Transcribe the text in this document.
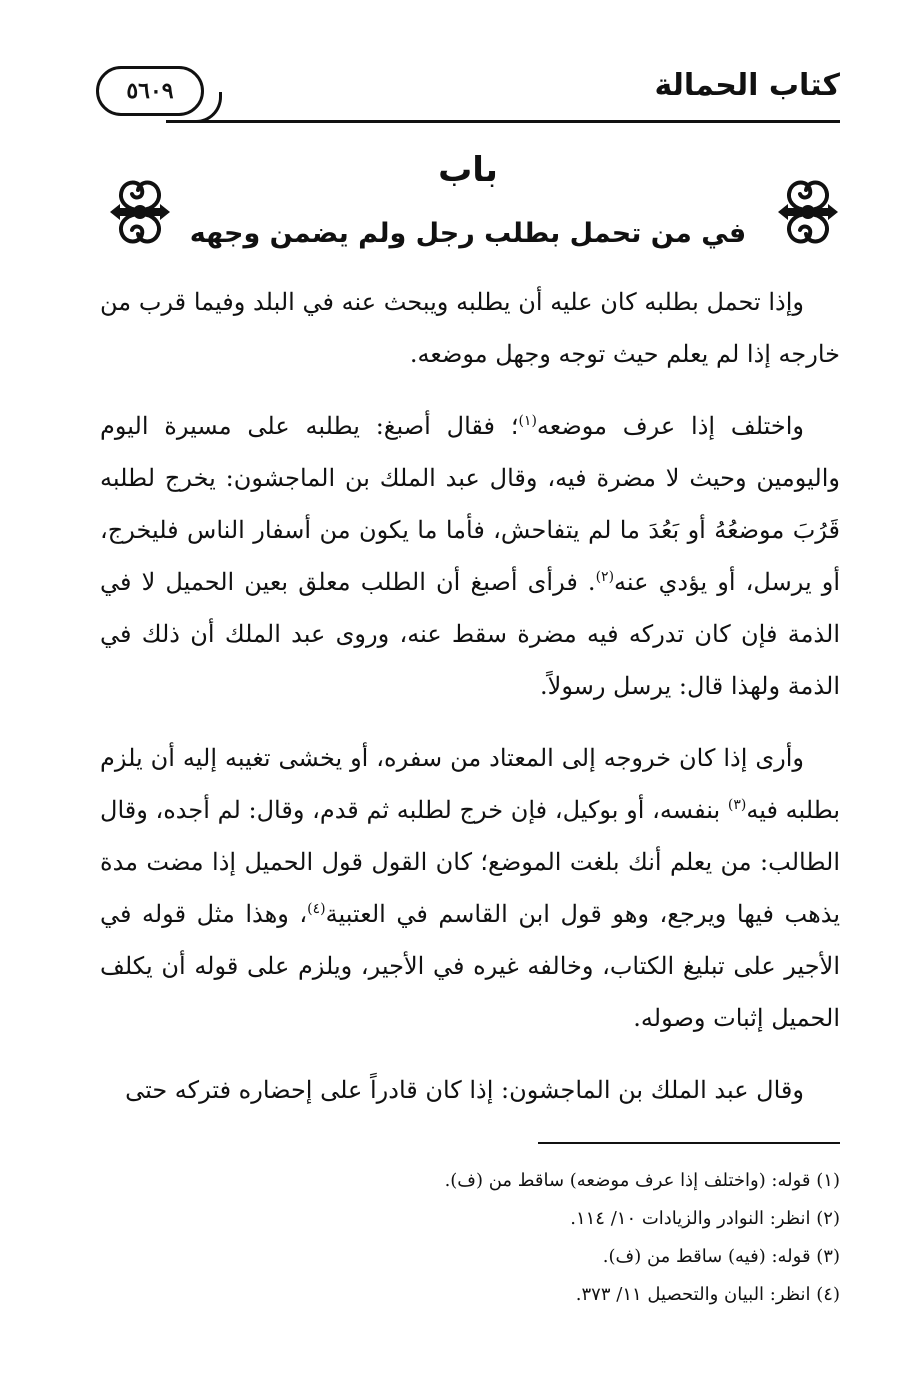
كتاب الحمالة
٥٦٠٩
باب
في من تحمل بطلب رجل ولم يضمن وجهه

وإذا تحمل بطلبه كان عليه أن يطلبه ويبحث عنه في البلد وفيما قرب من خارجه إذا لم يعلم حيث توجه وجهل موضعه.

واختلف إذا عرف موضعه$^{(١)}$؛ فقال أصبغ: يطلبه على مسيرة اليوم واليومين وحيث لا مضرة فيه، وقال عبد الملك بن الماجشون: يخرج لطلبه قَرُبَ موضعُهُ أو بَعُدَ ما لم يتفاحش، فأما ما يكون من أسفار الناس فليخرج، أو يرسل، أو يؤدي عنه$^{(٢)}$. فرأى أصبغ أن الطلب معلق بعين الحميل لا في الذمة فإن كان تدركه فيه مضرة سقط عنه، وروى عبد الملك أن ذلك في الذمة ولهذا قال: يرسل رسولاً.

وأرى إذا كان خروجه إلى المعتاد من سفره، أو يخشى تغيبه إليه أن يلزم بطلبه فيه$^{(٣)}$ بنفسه، أو بوكيل، فإن خرج لطلبه ثم قدم، وقال: لم أجده، وقال الطالب: من يعلم أنك بلغت الموضع؛ كان القول قول الحميل إذا مضت مدة يذهب فيها ويرجع، وهو قول ابن القاسم في العتبية$^{(٤)}$، وهذا مثل قوله في الأجير على تبليغ الكتاب، وخالفه غيره في الأجير، ويلزم على قوله أن يكلف الحميل إثبات وصوله.

وقال عبد الملك بن الماجشون: إذا كان قادراً على إحضاره فتركه حتى

(١) قوله: (واختلف إذا عرف موضعه) ساقط من (ف).

(٢) انظر: النوادر والزيادات ١٠/ ١١٤.

(٣) قوله: (فيه) ساقط من (ف).

(٤) انظر: البيان والتحصيل ١١/ ٣٧٣.
